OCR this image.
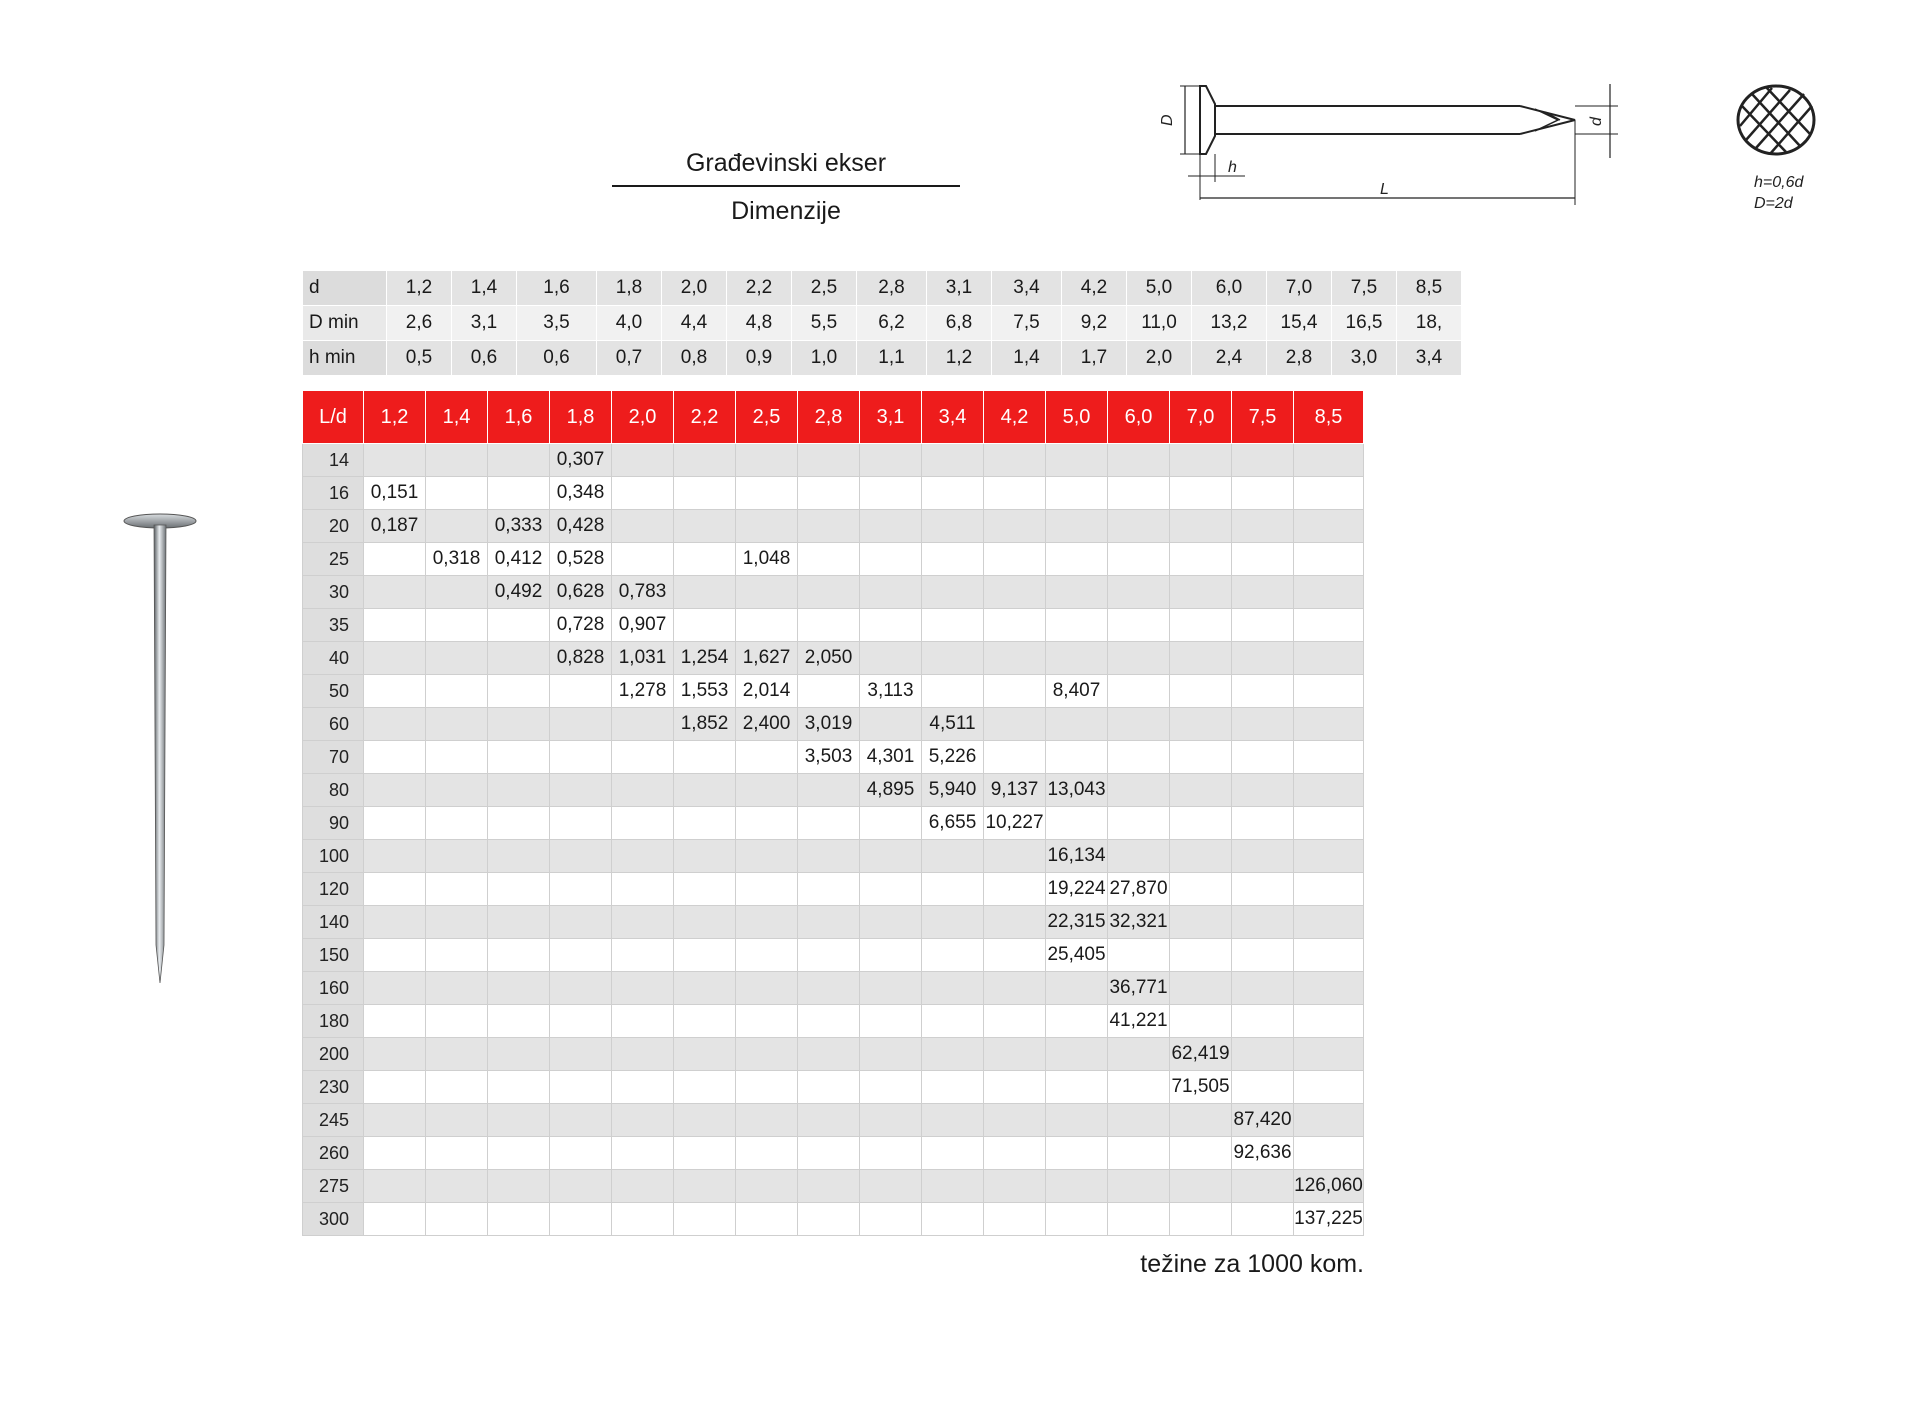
Građevinski ekser
Dimenzije
D	d
h
L	h=0,6d
D=2d
d	1,2	1,4	1,6	1,8	2,0	2,2	2,5	2,8	3,1	3,4	4,2	5,0	6,0	7,0	7,5	8,5
D min	2,6	3,1	3,5	4,0	4,4	4,8	5,5	6,2	6,8	7,5	9,2	11,0	13,2	15,4	16,5	18,
h min	0,5	0,6	0,6	0,7	0,8	0,9	1,0	1,1	1,2	1,4	1,7	2,0	2,4	2,8	3,0	3,4
L/d	1,2	1,4	1,6	1,8	2,0	2,2	2,5	2,8	3,1	3,4	4,2	5,0	6,0	7,0	7,5	8,5
14				0,307												
16	0,151			0,348												
20	0,187		0,333	0,428												
25		0,318	0,412	0,528			1,048									
30			0,492	0,628	0,783											
35				0,728	0,907											
40				0,828	1,031	1,254	1,627	2,050								
50					1,278	1,553	2,014		3,113			8,407				
60						1,852	2,400	3,019		4,511						
70								3,503	4,301	5,226						
80									4,895	5,940	9,137	13,043				
90										6,655	10,227					
100												16,134				
120												19,224	27,870			
140												22,315	32,321			
150												25,405				
160													36,771			
180													41,221			
200														62,419		
230														71,505		
245															87,420	
260															92,636	
275																126,060
300																137,225
težine za 1000 kom.
